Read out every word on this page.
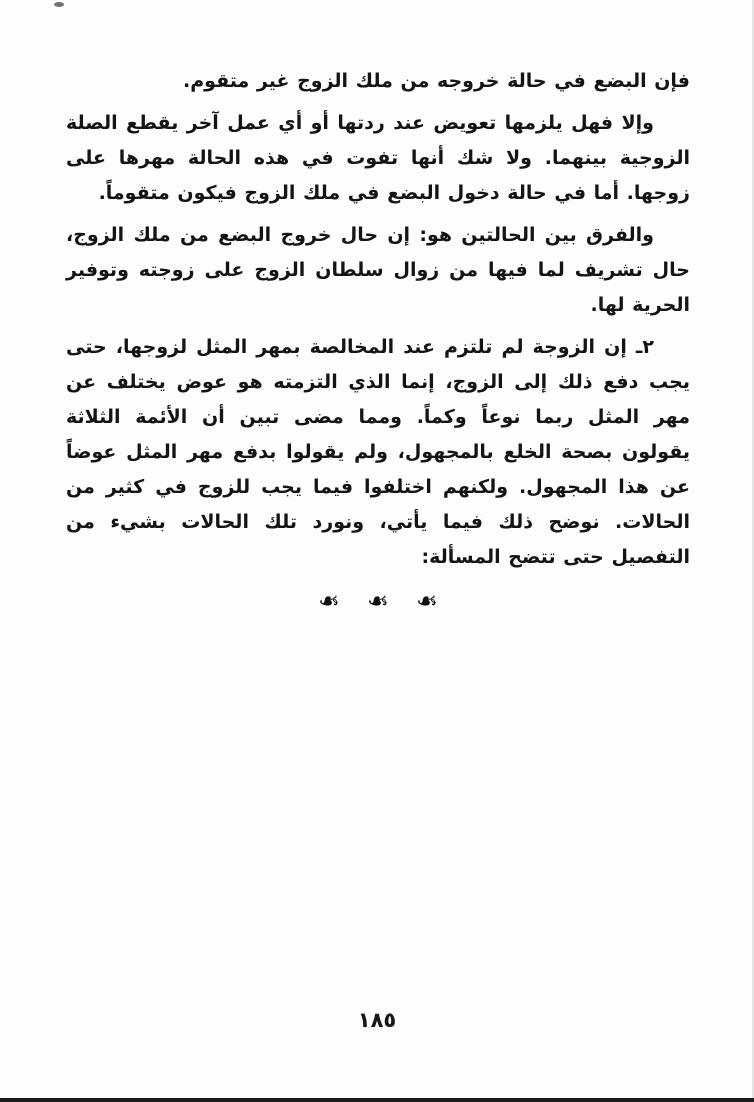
فإن البضع في حالة خروجه من ملك الزوج غير متقوم.

وإلا فهل يلزمها تعويض عند ردتها أو أي عمل آخر يقطع الصلة الزوجية بينهما. ولا شك أنها تفوت في هذه الحالة مهرها على زوجها. أما في حالة دخول البضع في ملك الزوج فيكون متقوماً.

والفرق بين الحالتين هو: إن حال خروج البضع من ملك الزوج، حال تشريف لما فيها من زوال سلطان الزوج على زوجته وتوفير الحرية لها.

٢ـ إن الزوجة لم تلتزم عند المخالصة بمهر المثل لزوجها، حتى يجب دفع ذلك إلى الزوج، إنما الذي التزمته هو عوض يختلف عن مهر المثل ربما نوعاً وكماً. ومما مضى تبين أن الأئمة الثلاثة يقولون بصحة الخلع بالمجهول، ولم يقولوا بدفع مهر المثل عوضاً عن هذا المجهول. ولكنهم اختلفوا فيما يجب للزوج في كثير من الحالات. نوضح ذلك فيما يأتي، ونورد تلك الحالات بشيء من التفصيل حتى تتضح المسألة:

❧ ❧ ❧
١٨٥
